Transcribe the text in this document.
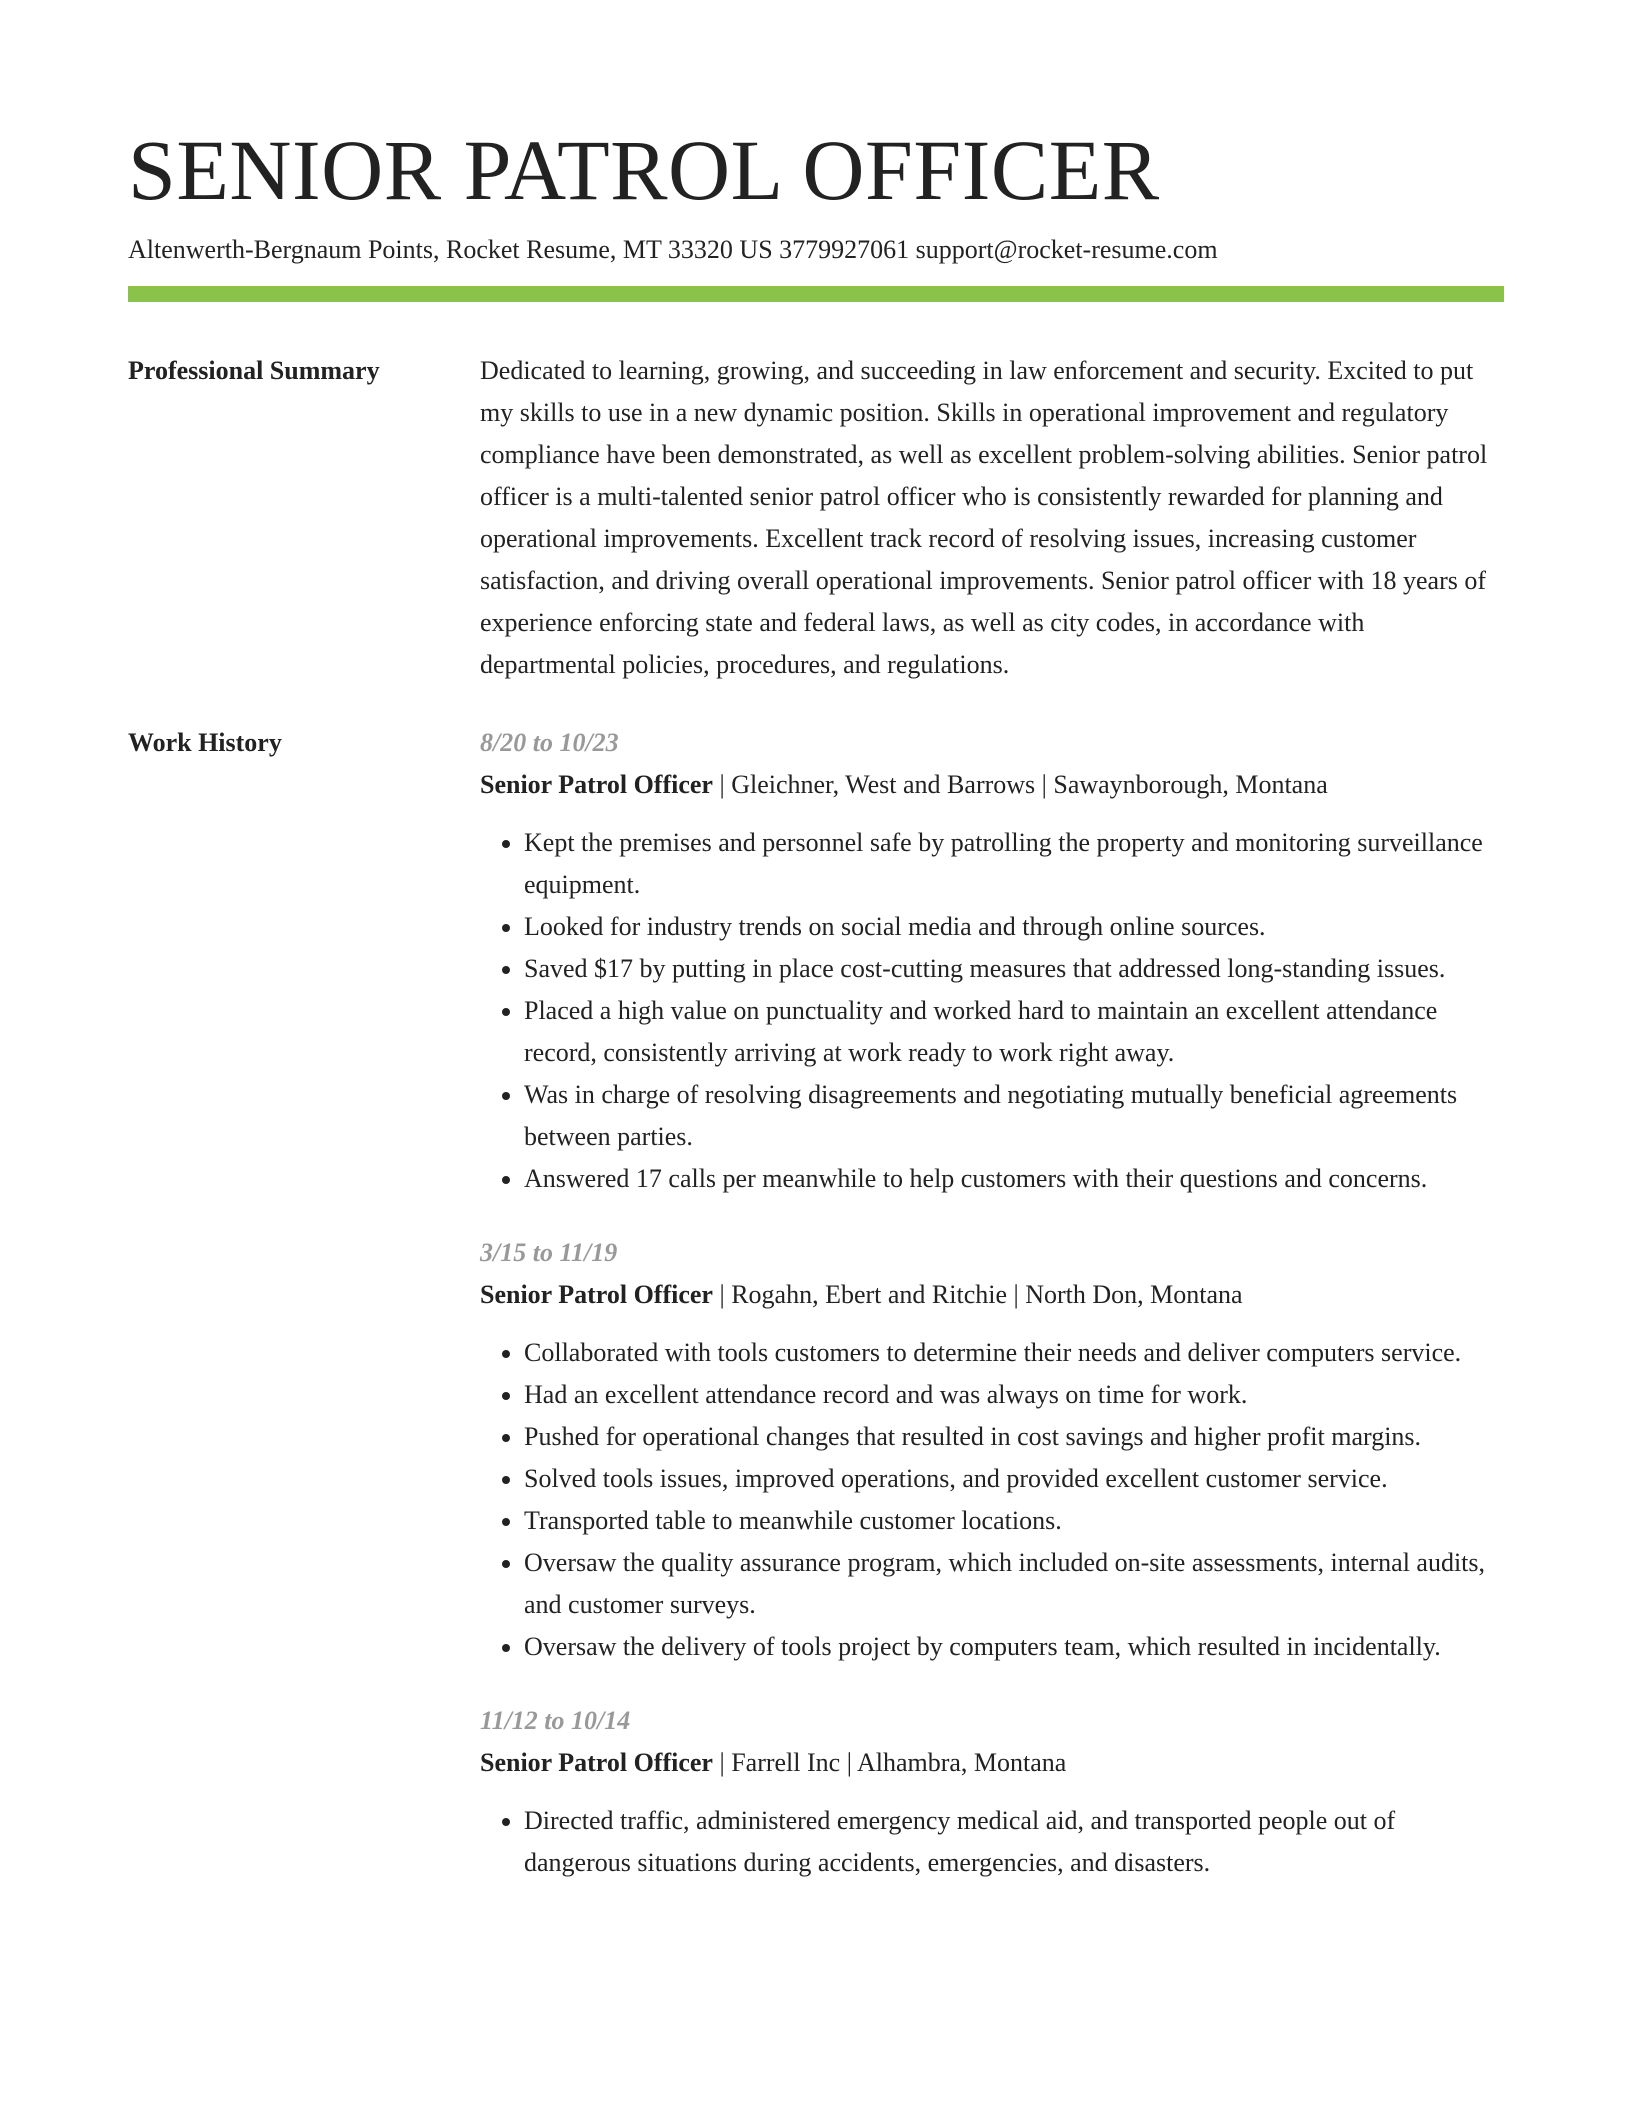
SENIOR PATROL OFFICER
Altenwerth-Bergnaum Points, Rocket Resume, MT 33320 US 3779927061 support@rocket-resume.com
Professional Summary	Dedicated to learning, growing, and succeeding in law enforcement and security. Excited to put my skills to use in a new dynamic position. Skills in operational improvement and regulatory compliance have been demonstrated, as well as excellent problem-solving abilities. Senior patrol officer is a multi-talented senior patrol officer who is consistently rewarded for planning and operational improvements. Excellent track record of resolving issues, increasing customer satisfaction, and driving overall operational improvements. Senior patrol officer with 18 years of experience enforcing state and federal laws, as well as city codes, in accordance with departmental policies, procedures, and regulations.

Work History	8/20 to 10/23
Senior Patrol Officer | Gleichner, West and Barrows | Sawaynborough, Montana
• Kept the premises and personnel safe by patrolling the property and monitoring surveillance equipment.
• Looked for industry trends on social media and through online sources.
• Saved $17 by putting in place cost-cutting measures that addressed long-standing issues.
• Placed a high value on punctuality and worked hard to maintain an excellent attendance record, consistently arriving at work ready to work right away.
• Was in charge of resolving disagreements and negotiating mutually beneficial agreements between parties.
• Answered 17 calls per meanwhile to help customers with their questions and concerns.
3/15 to 11/19
Senior Patrol Officer | Rogahn, Ebert and Ritchie | North Don, Montana
• Collaborated with tools customers to determine their needs and deliver computers service.
• Had an excellent attendance record and was always on time for work.
• Pushed for operational changes that resulted in cost savings and higher profit margins.
• Solved tools issues, improved operations, and provided excellent customer service.
• Transported table to meanwhile customer locations.
• Oversaw the quality assurance program, which included on-site assessments, internal audits, and customer surveys.
• Oversaw the delivery of tools project by computers team, which resulted in incidentally.
11/12 to 10/14
Senior Patrol Officer | Farrell Inc | Alhambra, Montana
• Directed traffic, administered emergency medical aid, and transported people out of dangerous situations during accidents, emergencies, and disasters.
